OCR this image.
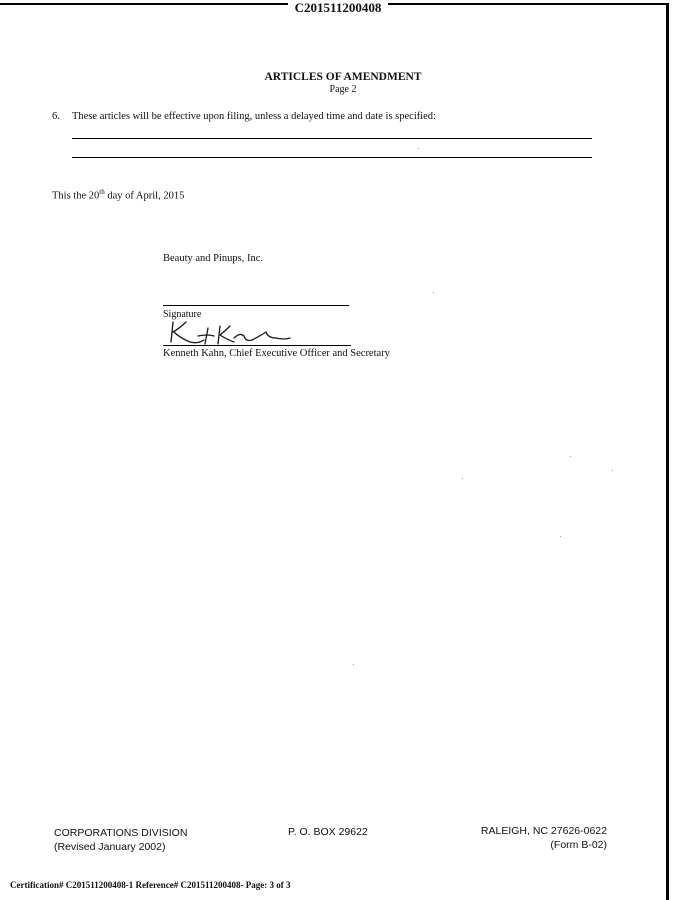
C201511200408
ARTICLES OF AMENDMENT
Page 2
6. These articles will be effective upon filing, unless a delayed time and date is specified:
This the 20th day of April, 2015
Beauty and Pinups, Inc.
Signature
Kenneth Kahn, Chief Executive Officer and Secretary
CORPORATIONS DIVISION
(Revised January 2002)
P. O. BOX 29622	RALEIGH, NC 27626-0622
(Form B-02)
Certification# C201511200408-1 Reference# C201511200408- Page: 3 of 3
